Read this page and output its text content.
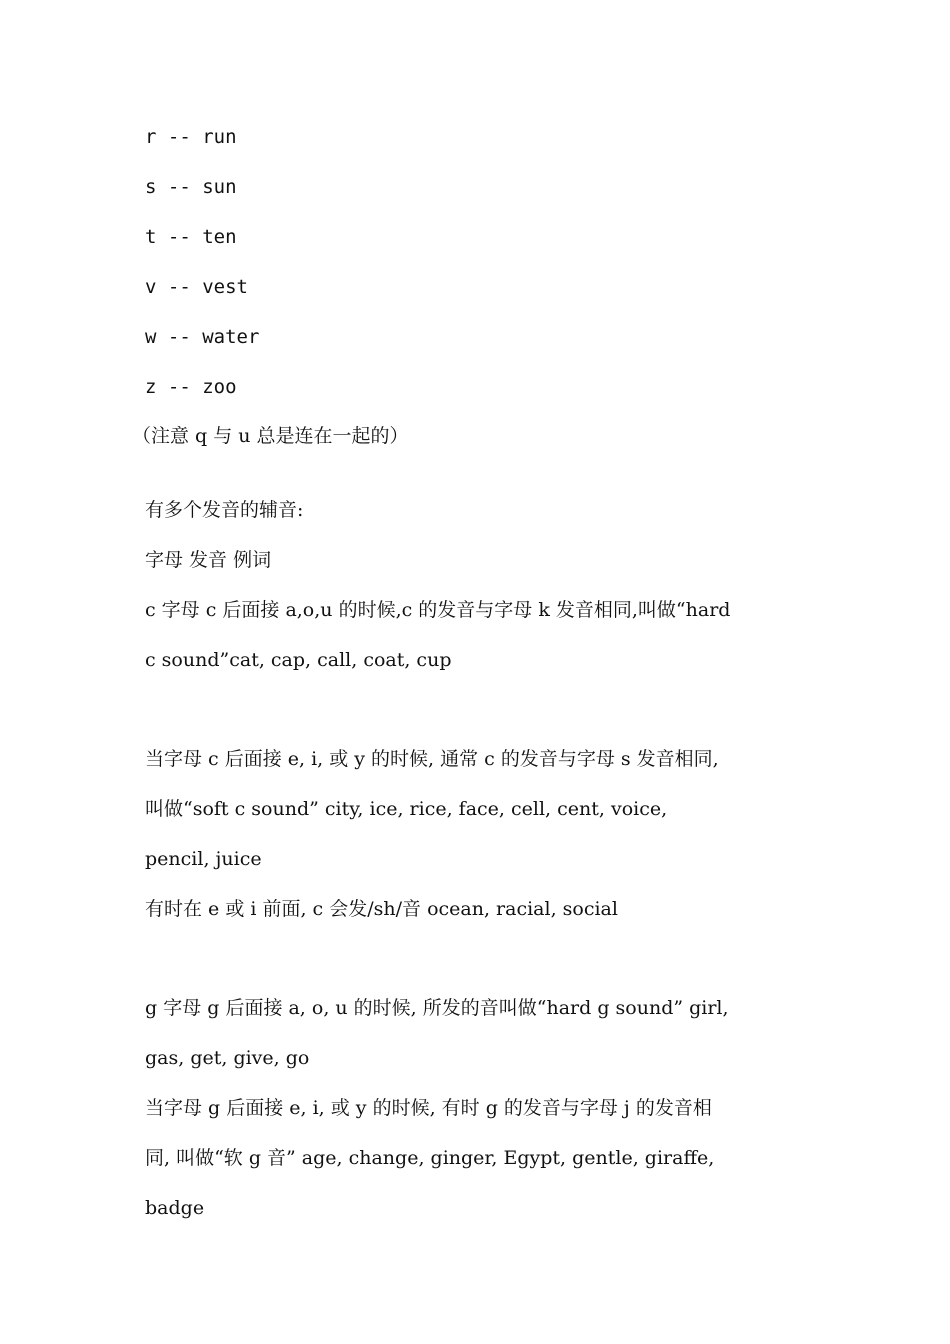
r -- run
s -- sun
t -- ten
v -- vest
w -- water
z -- zoo
（注意 q 与 u 总是连在一起的）
有多个发音的辅音:
字母 发音 例词
c 字母 c 后面接 a,o,u 的时候,c 的发音与字母 k 发音相同,叫做“hard
c sound”cat, cap, call, coat, cup
当字母 c 后面接 e, i, 或 y 的时候, 通常 c 的发音与字母 s 发音相同,
叫做“soft c sound” city, ice, rice, face, cell, cent, voice,
pencil, juice
有时在 e 或 i 前面, c 会发/sh/音 ocean, racial, social
g 字母 g 后面接 a, o, u 的时候, 所发的音叫做“hard g sound” girl,
gas, get, give, go
当字母 g 后面接 e, i, 或 y 的时候, 有时 g 的发音与字母 j 的发音相
同, 叫做“软 g 音” age, change, ginger, Egypt, gentle, giraffe,
badge
